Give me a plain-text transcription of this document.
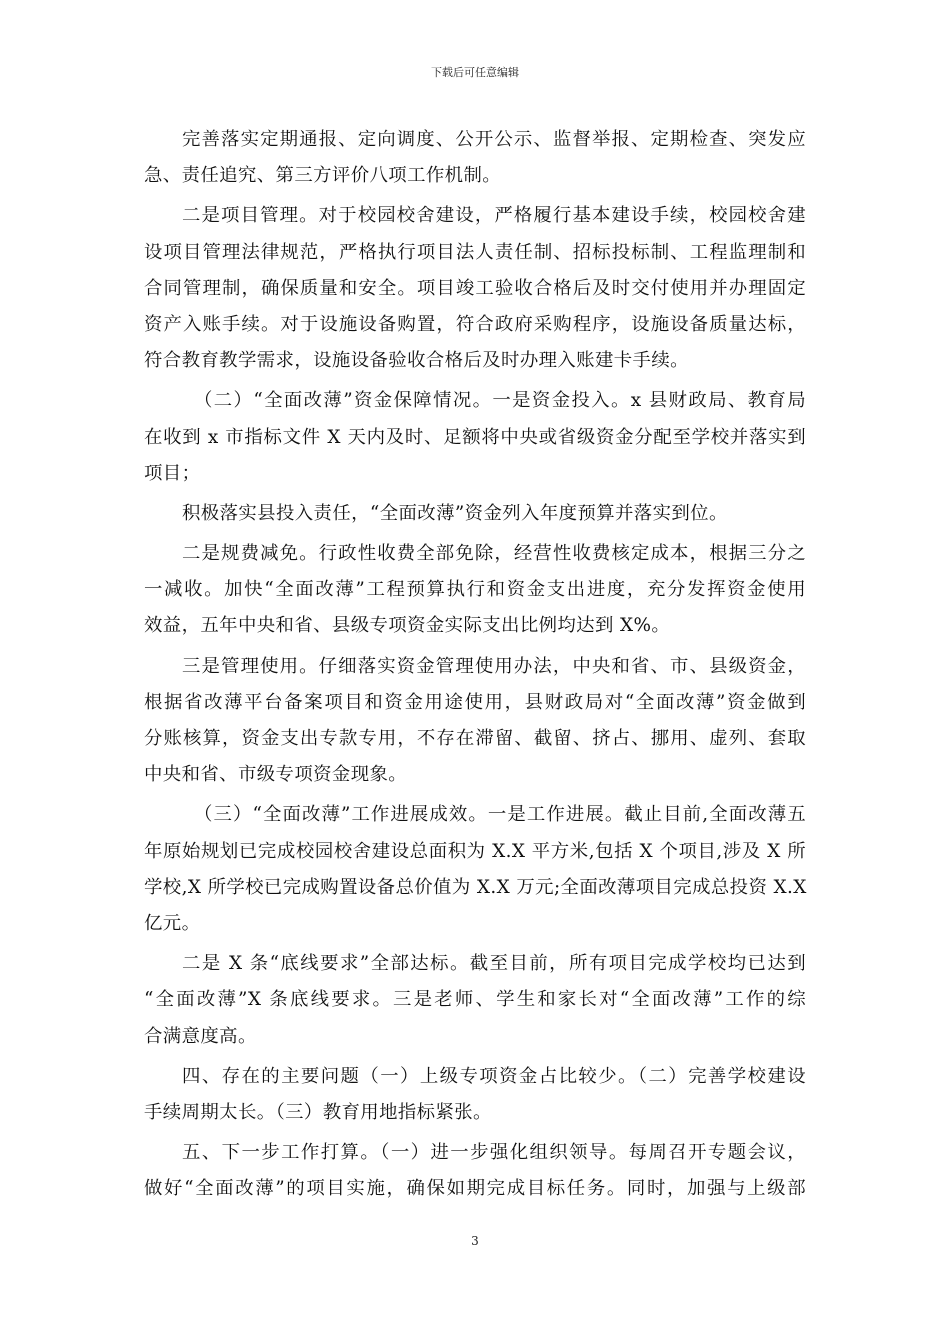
下载后可任意编辑
完善落实定期通报、定向调度、公开公示、监督举报、定期检查、突发应
急、责任追究、第三方评价八项工作机制。
二是项目管理。对于校园校舍建设，严格履行基本建设手续，校园校舍建
设项目管理法律规范，严格执行项目法人责任制、招标投标制、工程监理制和
合同管理制，确保质量和安全。项目竣工验收合格后及时交付使用并办理固定
资产入账手续。对于设施设备购置，符合政府采购程序，设施设备质量达标，
符合教育教学需求，设施设备验收合格后及时办理入账建卡手续。
（二）“全面改薄”资金保障情况。一是资金投入。x 县财政局、教育局
在收到 x 市指标文件 X 天内及时、足额将中央或省级资金分配至学校并落实到
项目；
积极落实县投入责任，“全面改薄”资金列入年度预算并落实到位。
二是规费减免。行政性收费全部免除，经营性收费核定成本，根据三分之
一减收。加快“全面改薄”工程预算执行和资金支出进度，充分发挥资金使用
效益，五年中央和省、县级专项资金实际支出比例均达到 X%。
三是管理使用。仔细落实资金管理使用办法，中央和省、市、县级资金，
根据省改薄平台备案项目和资金用途使用，县财政局对“全面改薄”资金做到
分账核算，资金支出专款专用，不存在滞留、截留、挤占、挪用、虚列、套取
中央和省、市级专项资金现象。
（三）“全面改薄”工作进展成效。一是工作进展。截止目前,全面改薄五
年原始规划已完成校园校舍建设总面积为 X.X 平方米,包括 X 个项目,涉及 X 所
学校,X 所学校已完成购置设备总价值为 X.X 万元;全面改薄项目完成总投资 X.X
亿元。
二是 X 条“底线要求”全部达标。截至目前，所有项目完成学校均已达到
“全面改薄”X 条底线要求。三是老师、学生和家长对“全面改薄”工作的综
合满意度高。
四、存在的主要问题（一）上级专项资金占比较少。（二）完善学校建设
手续周期太长。（三）教育用地指标紧张。
五、下一步工作打算。（一）进一步强化组织领导。每周召开专题会议，
做好“全面改薄”的项目实施，确保如期完成目标任务。同时，加强与上级部
3
